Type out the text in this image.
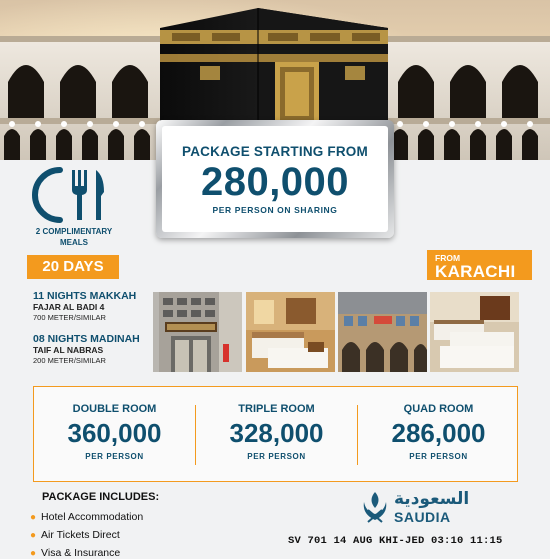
PACKAGE STARTING FROM
280,000
PER PERSON ON SHARING
2 COMPLIMENTARY
MEALS
20 DAYS	FROM
KARACHI
11 NIGHTS MAKKAH
FAJAR AL BADI 4
700 METER/SIMILAR
08 NIGHTS MADINAH
TAIF AL NABRAS
200 METER/SIMILAR
DOUBLE ROOM
360,000
PER PERSON
TRIPLE ROOM
328,000
PER PERSON
QUAD ROOM
286,000
PER PERSON
PACKAGE INCLUDES:
● Hotel Accommodation
● Air Tickets Direct
● Visa & Insurance
السعودية
SAUDIA
SV 701 14 AUG KHI-JED 03:10 11:15
